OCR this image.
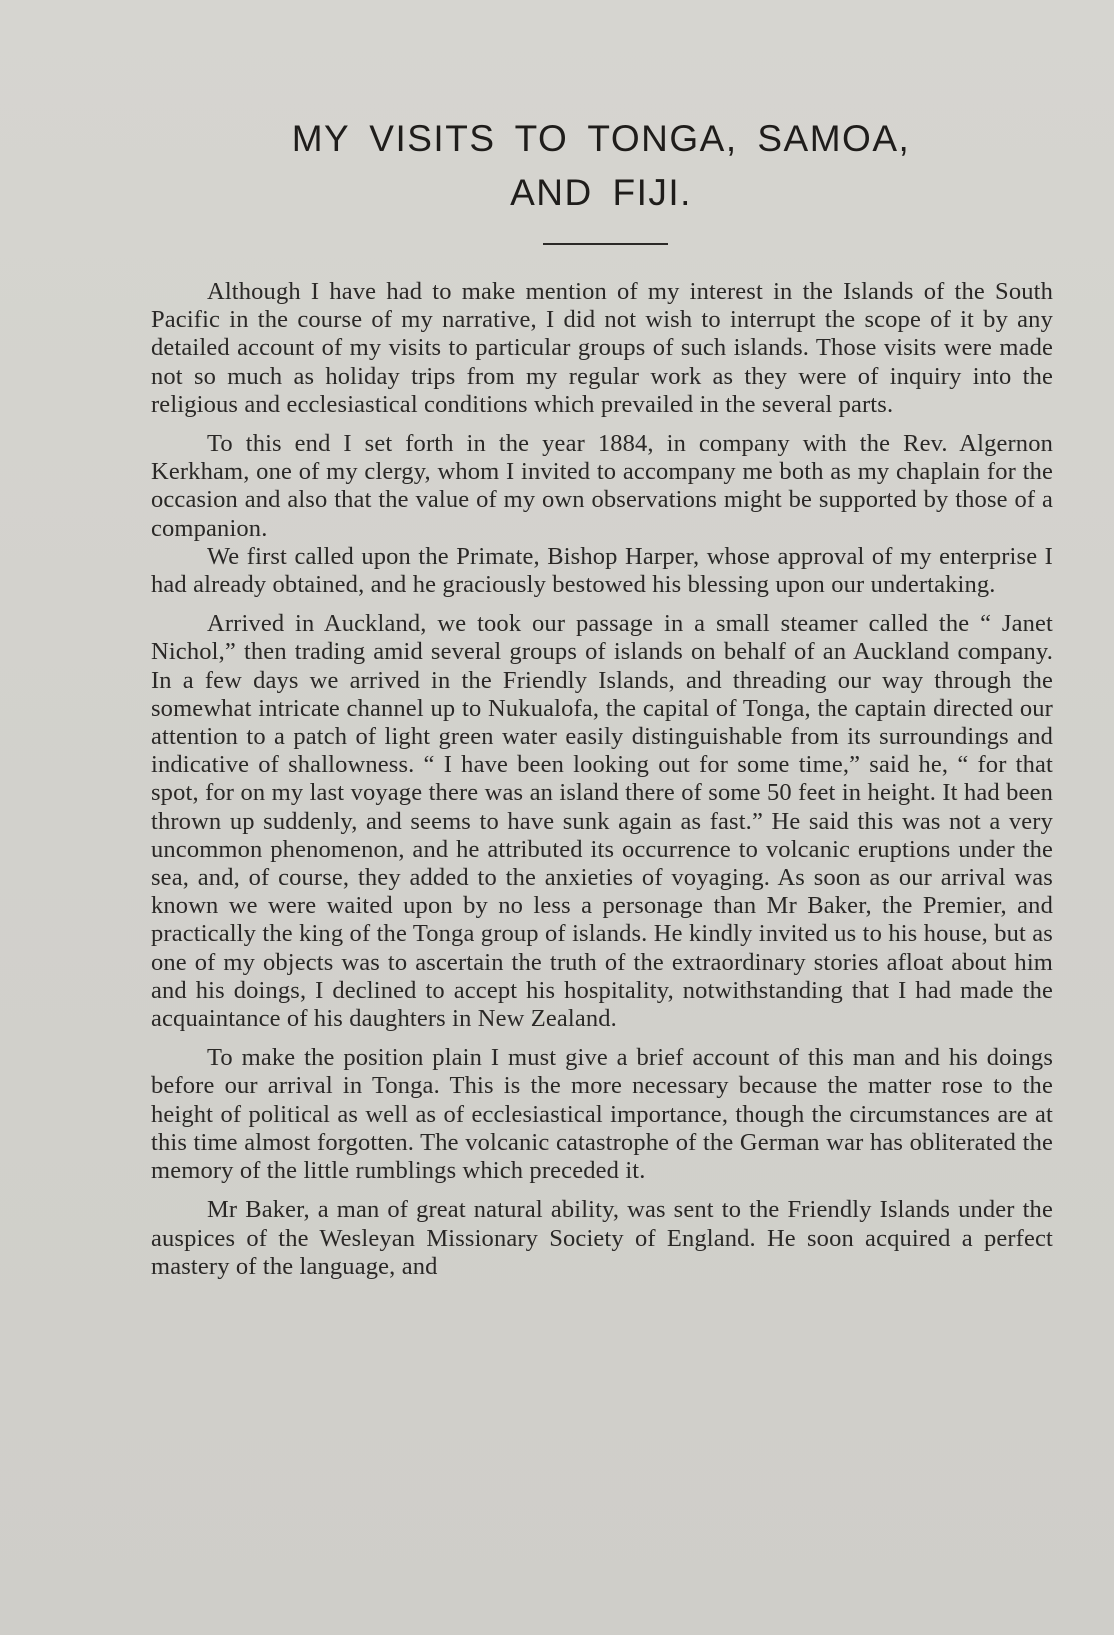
MY VISITS TO TONGA, SAMOA,
AND FIJI.

Although I have had to make mention of my interest in the Islands of the South Pacific in the course of my narrative, I did not wish to interrupt the scope of it by any detailed account of my visits to particular groups of such islands. Those visits were made not so much as holiday trips from my regular work as they were of inquiry into the religious and ecclesiastical conditions which prevailed in the several parts.

To this end I set forth in the year 1884, in company with the Rev. Algernon Kerkham, one of my clergy, whom I invited to accompany me both as my chaplain for the occasion and also that the value of my own observations might be supported by those of a companion.

We first called upon the Primate, Bishop Harper, whose approval of my enterprise I had already obtained, and he graciously bestowed his blessing upon our undertaking.

Arrived in Auckland, we took our passage in a small steamer called the “ Janet Nichol,” then trading amid several groups of islands on behalf of an Auckland company. In a few days we arrived in the Friendly Islands, and threading our way through the somewhat intricate channel up to Nukualofa, the capital of Tonga, the captain directed our attention to a patch of light green water easily distinguishable from its surroundings and indicative of shallowness. “ I have been looking out for some time,” said he, “ for that spot, for on my last voyage there was an island there of some 50 feet in height. It had been thrown up suddenly, and seems to have sunk again as fast.” He said this was not a very uncommon phenomenon, and he attributed its occurrence to volcanic eruptions under the sea, and, of course, they added to the anxieties of voyaging. As soon as our arrival was known we were waited upon by no less a personage than Mr Baker, the Premier, and practically the king of the Tonga group of islands. He kindly invited us to his house, but as one of my objects was to ascertain the truth of the extraordinary stories afloat about him and his doings, I declined to accept his hospitality, notwithstanding that I had made the acquaintance of his daughters in New Zealand.

To make the position plain I must give a brief account of this man and his doings before our arrival in Tonga. This is the more necessary because the matter rose to the height of political as well as of ecclesiastical importance, though the circumstances are at this time almost forgotten. The volcanic catastrophe of the German war has obliterated the memory of the little rumblings which preceded it.

Mr Baker, a man of great natural ability, was sent to the Friendly Islands under the auspices of the Wesleyan Missionary Society of England. He soon acquired a perfect mastery of the language, and
